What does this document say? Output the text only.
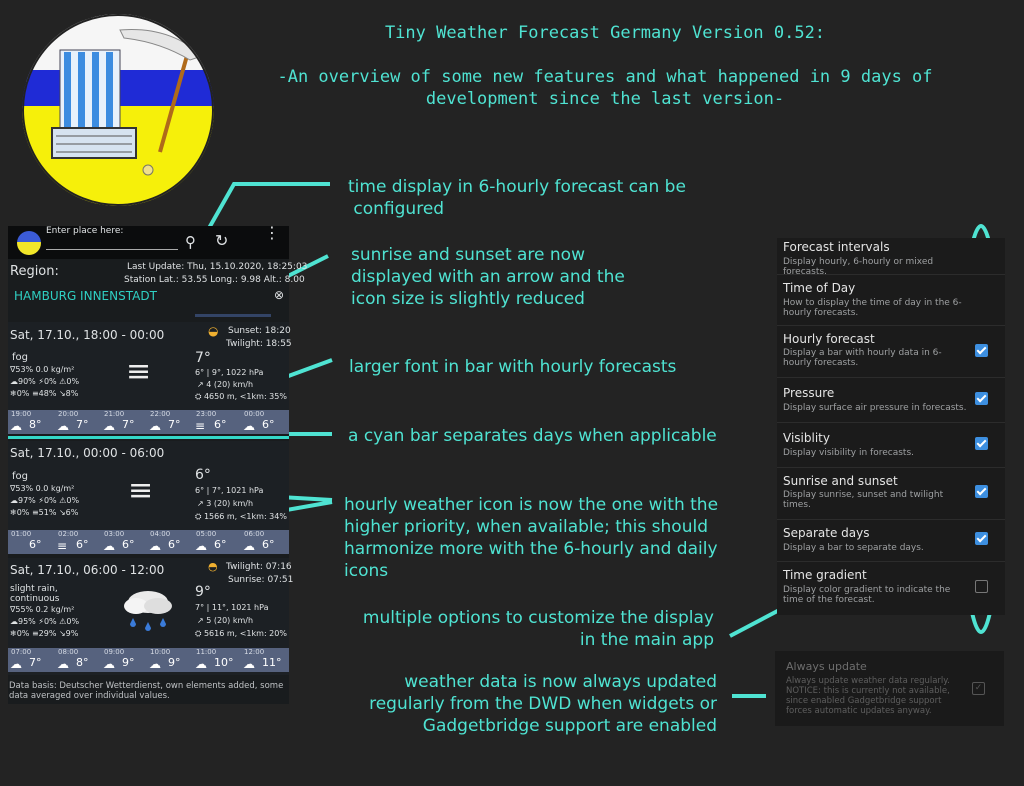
Tiny Weather Forecast Germany Version 0.52:

-An overview of some new features and what happened in 9 days of
development since the last version-
time display in 6-hourly forecast can be
configured
sunrise and sunset are now
displayed with an arrow and the
icon size is slightly reduced
larger font in bar with hourly forecasts
a cyan bar separates days when applicable
hourly weather icon is now the one with the
higher priority, when available; this should
harmonize more with the 6-hourly and daily
icons
multiple options to customize the display
in the main app
weather data is now always updated
regularly from the DWD when widgets or
Gadgetbridge support are enabled
Enter place here:
⚲ ↻ ⋮
Region:	Last Update: Thu, 15.10.2020, 18:25:03
Station Lat.: 53.55 Long.: 9.98 Alt.: 8.00
HAMBURG INNENSTADT	⊗
Sat, 17.10., 18:00 - 00:00	◒ Sunset: 18:20
Twilight: 18:55
fog
∇53% 0.0 kg/m²
☁90% ⚡0% ⚠0%
❄0% ≡48% ↘8%
≡	7°
6° | 9°, 1022 hPa
↗ 4 (20) km/h
⛭ 4650 m, <1km: 35%
19:00
☁ 8°
20:00
☁ 7°
21:00
☁ 7°
22:00
☁ 7°
23:00
≡ 6°
00:00
☁ 6°
Sat, 17.10., 00:00 - 06:00
fog
∇53% 0.0 kg/m²
☁97% ⚡0% ⚠0%
❄0% ≡51% ↘6%
≡	6°
6° | 7°, 1021 hPa
↗ 3 (20) km/h
⛭ 1566 m, <1km: 34%
01:00
6°
02:00
≡ 6°
03:00
☁ 6°
04:00
☁ 6°
05:00
☁ 6°
06:00
☁ 6°
Sat, 17.10., 06:00 - 12:00	◓ Twilight: 07:16
Sunrise: 07:51
slight rain, continuous
∇55% 0.2 kg/m²
☁95% ⚡0% ⚠0%
❄0% ≡29% ↘9%
9°
7° | 11°, 1021 hPa
↗ 5 (20) km/h
⛭ 5616 m, <1km: 20%
07:00
☁ 7°
08:00
☁ 8°
09:00
☁ 9°
10:00
☁ 9°
11:00
☁ 10°
12:00
☁ 11°
Data basis: Deutscher Wetterdienst, own elements added, some data averaged over individual values.
Forecast intervals
Display hourly, 6-hourly or mixed forecasts.
Time of Day
How to display the time of day in the 6-hourly forecasts.
Hourly forecast
Display a bar with hourly data in 6-hourly forecasts.
Pressure
Display surface air pressure in forecasts.
Visiblity
Display visibility in forecasts.
Sunrise and sunset
Display sunrise, sunset and twilight times.
Separate days
Display a bar to separate days.
Time gradient
Display color gradient to indicate the time of the forecast.
Always update
Always update weather data regularly. NOTICE: this is currently not available, since enabled Gadgetbridge support forces automatic updates anyway.
✓
